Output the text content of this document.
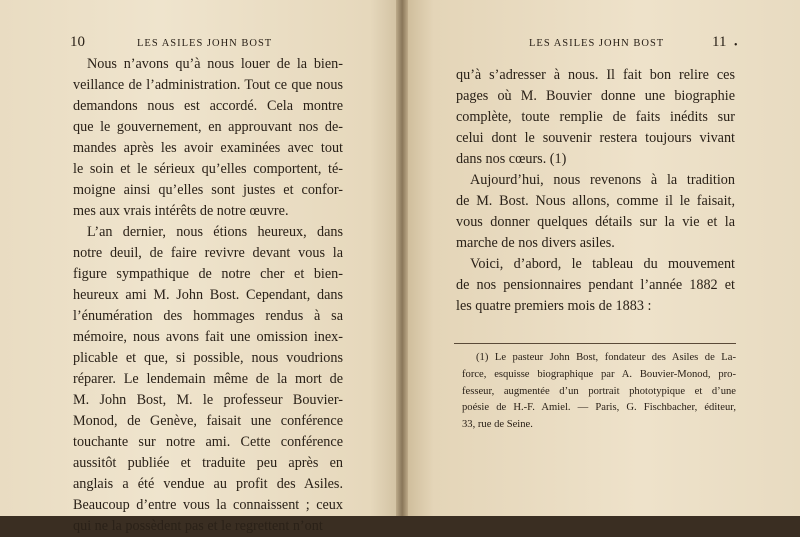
10	LES ASILES JOHN BOST
Nous n’avons qu’à nous louer de la bien-
veillance de l’administration. Tout ce que nous
demandons nous est accordé. Cela montre
que le gouvernement, en approuvant nos de-
mandes après les avoir examinées avec tout
le soin et le sérieux qu’elles comportent, té-
moigne ainsi qu’elles sont justes et confor-
mes aux vrais intérêts de notre œuvre.
L’an dernier, nous étions heureux, dans
notre deuil, de faire revivre devant vous la
figure sympathique de notre cher et bien-
heureux ami M. John Bost. Cependant, dans
l’énumération des hommages rendus à sa
mémoire, nous avons fait une omission inex-
plicable et que, si possible, nous voudrions
réparer. Le lendemain même de la mort de
M. John Bost, M. le professeur Bouvier-
Monod, de Genève, faisait une conférence
touchante sur notre ami. Cette conférence
aussitôt publiée et traduite peu après en
anglais a été vendue au profit des Asiles.
Beaucoup d’entre vous la connaissent ; ceux
qui ne la possèdent pas et le regrettent n’ont
LES ASILES JOHN BOST	11 •
qu’à s’adresser à nous. Il fait bon relire ces
pages où M. Bouvier donne une biographie
complète, toute remplie de faits inédits sur
celui dont le souvenir restera toujours vivant
dans nos cœurs. (1)
Aujourd’hui, nous revenons à la tradition
de M. Bost. Nous allons, comme il le faisait,
vous donner quelques détails sur la vie et la
marche de nos divers asiles.
Voici, d’abord, le tableau du mouvement
de nos pensionnaires pendant l’année 1882 et
les quatre premiers mois de 1883 :
(1) Le pasteur John Bost, fondateur des Asiles de La-
force, esquisse biographique par A. Bouvier-Monod, pro-
fesseur, augmentée d’un portrait phototypique et d’une
poésie de H.-F. Amiel. — Paris, G. Fischbacher, éditeur,
33, rue de Seine.
